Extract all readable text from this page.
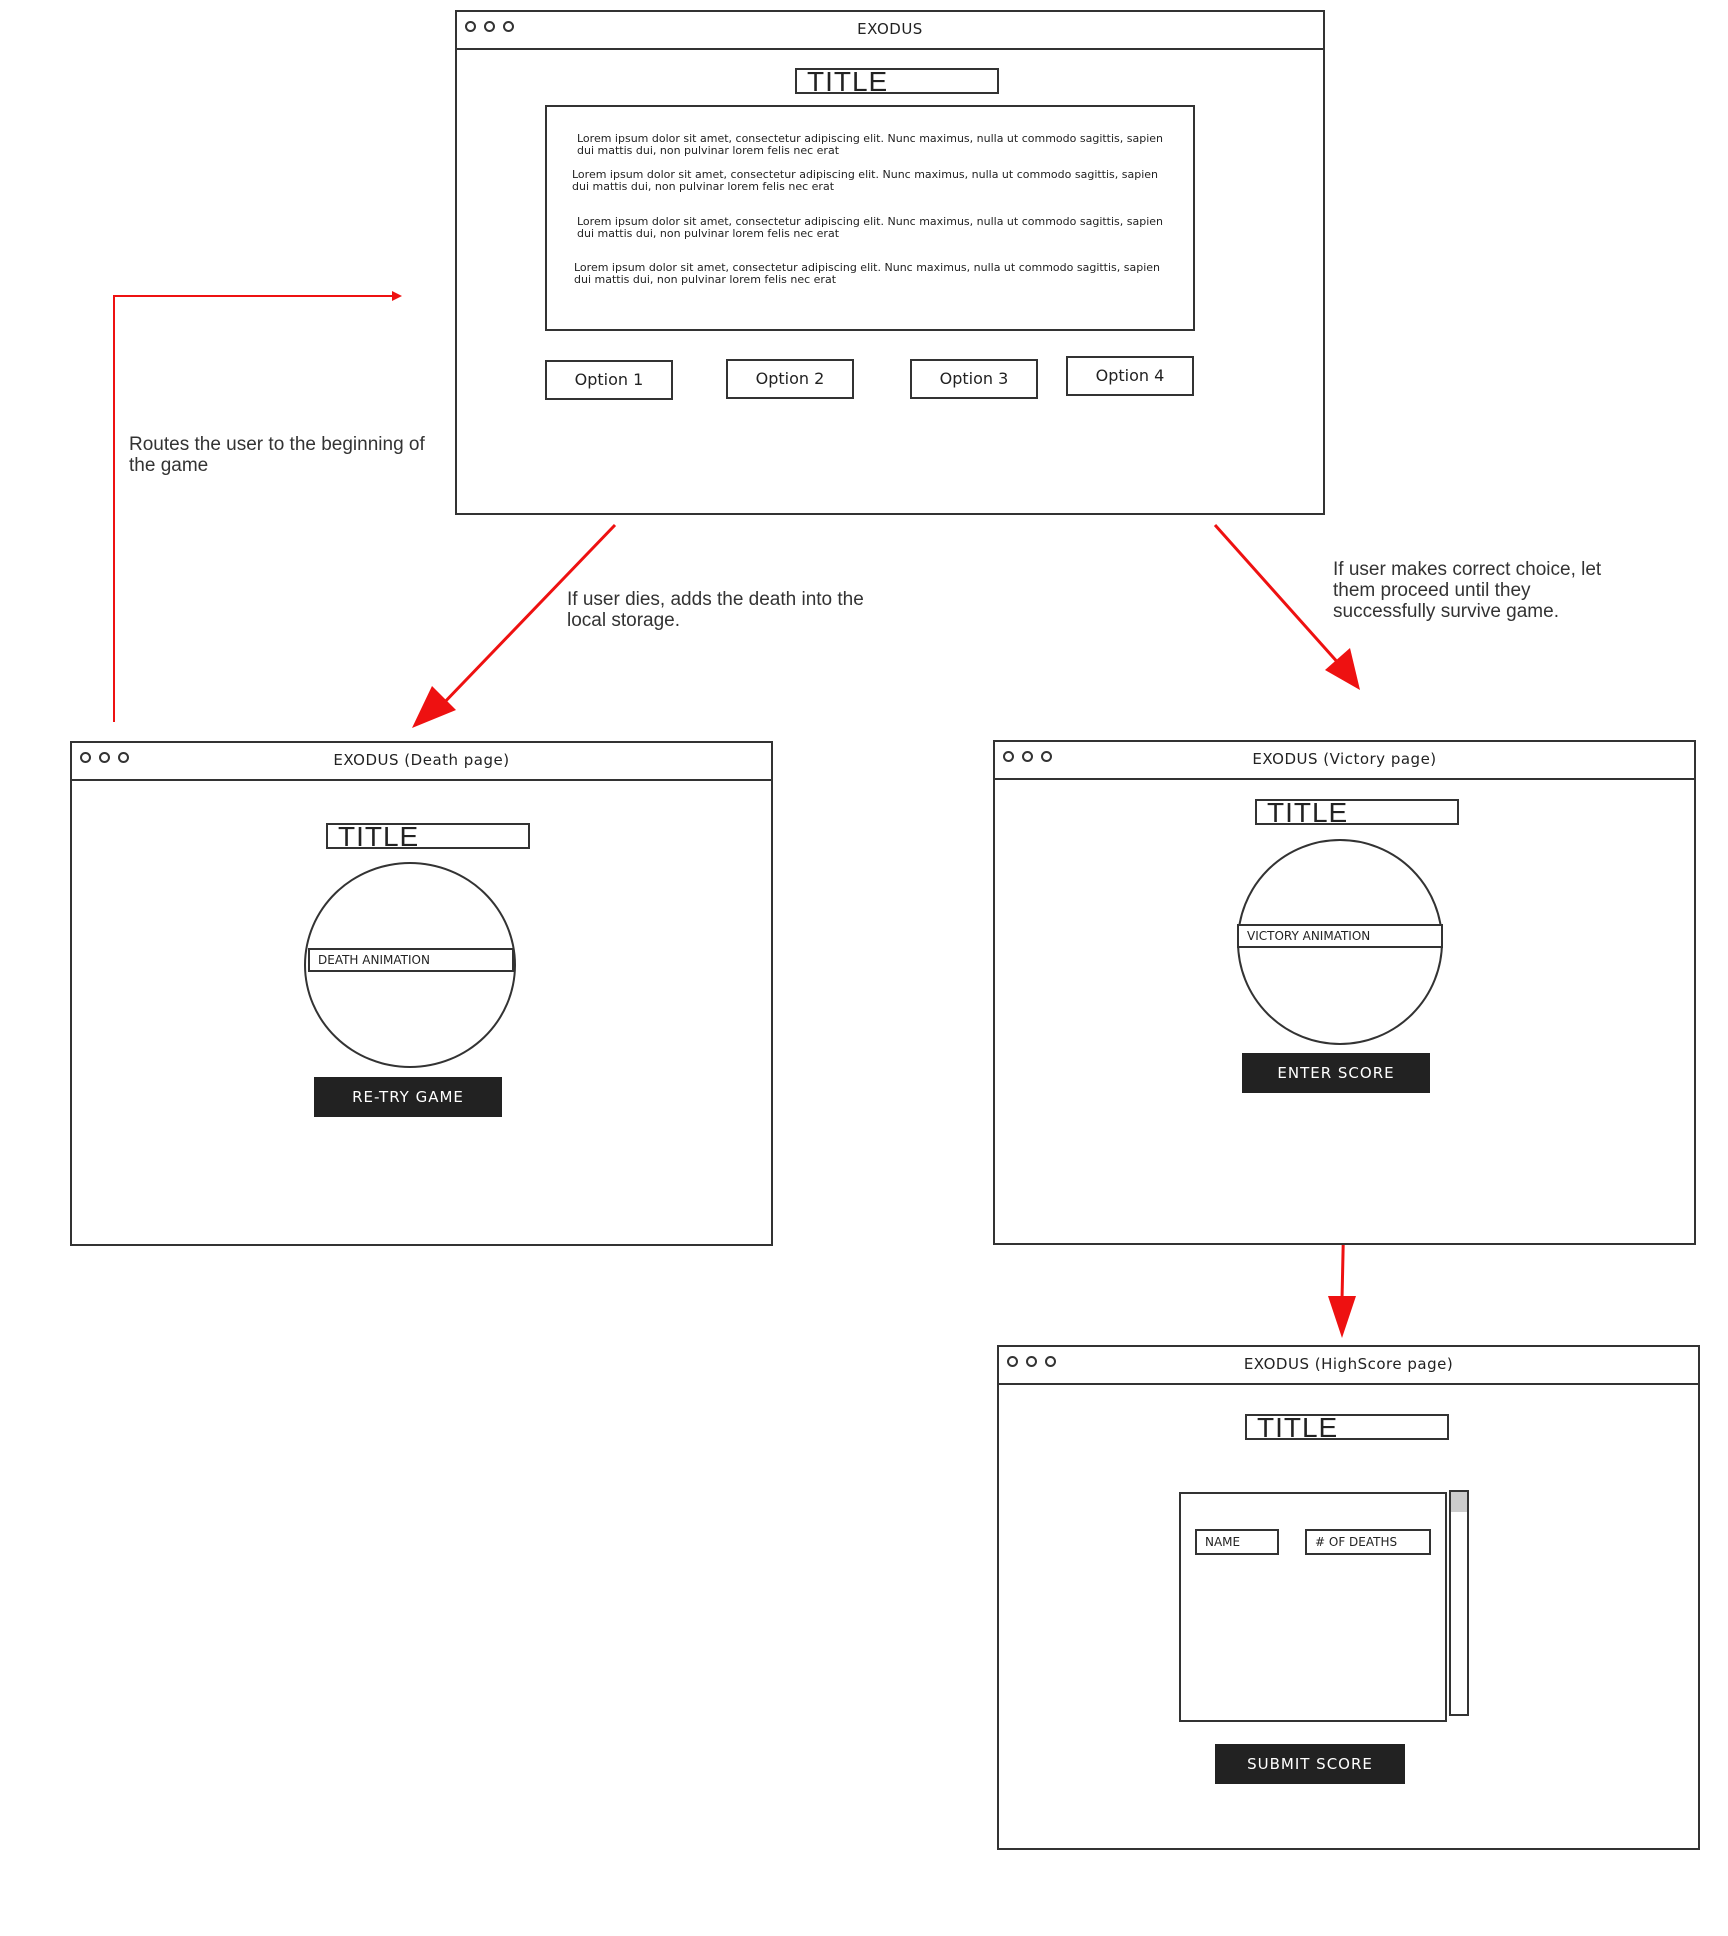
EXODUS
TITLE
Lorem ipsum dolor sit amet, consectetur adipiscing elit. Nunc maximus, nulla ut commodo sagittis, sapien dui mattis dui, non pulvinar lorem felis nec erat
Lorem ipsum dolor sit amet, consectetur adipiscing elit. Nunc maximus, nulla ut commodo sagittis, sapien dui mattis dui, non pulvinar lorem felis nec erat
Lorem ipsum dolor sit amet, consectetur adipiscing elit. Nunc maximus, nulla ut commodo sagittis, sapien dui mattis dui, non pulvinar lorem felis nec erat
Lorem ipsum dolor sit amet, consectetur adipiscing elit. Nunc maximus, nulla ut commodo sagittis, sapien dui mattis dui, non pulvinar lorem felis nec erat
Option 1	Option 2	Option 3	Option 4
EXODUS (Death page)
TITLE
DEATH ANIMATION
RE-TRY GAME
EXODUS (Victory page)
TITLE
VICTORY ANIMATION
ENTER SCORE
EXODUS (HighScore page)
TITLE
NAME	# OF DEATHS
SUBMIT SCORE
Routes the user to the beginning of the game
If user dies, adds the death into the local storage.
If user makes correct choice, let them proceed until they successfully survive game.
